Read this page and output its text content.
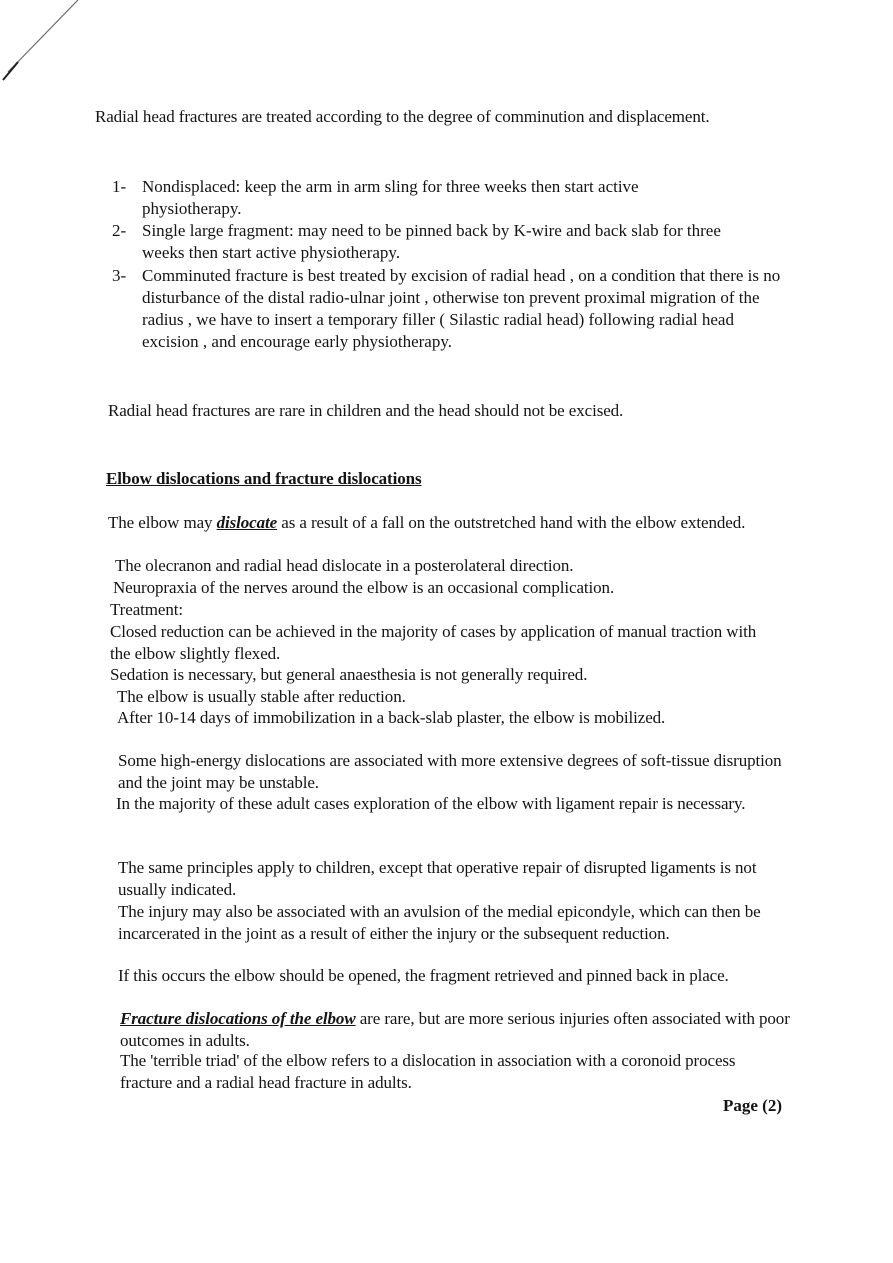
Radial head fractures are treated according to the degree of comminution and displacement.

1- Nondisplaced: keep the arm in arm sling for three weeks then start active physiotherapy.
2- Single large fragment: may need to be pinned back by K-wire and back slab for three weeks then start active physiotherapy.
3- Comminuted fracture is best treated by excision of radial head , on a condition that there is no disturbance of the distal radio-ulnar joint , otherwise ton prevent proximal migration of the radius , we have to insert a temporary filler ( Silastic radial head) following radial head excision , and encourage early physiotherapy.

Radial head fractures are rare in children and the head should not be excised.

Elbow dislocations and fracture dislocations

The elbow may dislocate as a result of a fall on the outstretched hand with the elbow extended.

The olecranon and radial head dislocate in a posterolateral direction.

Neuropraxia of the nerves around the elbow is an occasional complication.

Treatment:

Closed reduction can be achieved in the majority of cases by application of manual traction with the elbow slightly flexed.

Sedation is necessary, but general anaesthesia is not generally required.

The elbow is usually stable after reduction.

After 10-14 days of immobilization in a back-slab plaster, the elbow is mobilized.

Some high-energy dislocations are associated with more extensive degrees of soft-tissue disruption and the joint may be unstable.

In the majority of these adult cases exploration of the elbow with ligament repair is necessary.

The same principles apply to children, except that operative repair of disrupted ligaments is not usually indicated.

The injury may also be associated with an avulsion of the medial epicondyle, which can then be incarcerated in the joint as a result of either the injury or the subsequent reduction.

If this occurs the elbow should be opened, the fragment retrieved and pinned back in place.

Fracture dislocations of the elbow are rare, but are more serious injuries often associated with poor outcomes in adults.

The 'terrible triad' of the elbow refers to a dislocation in association with a coronoid process fracture and a radial head fracture in adults.

Page (2)
